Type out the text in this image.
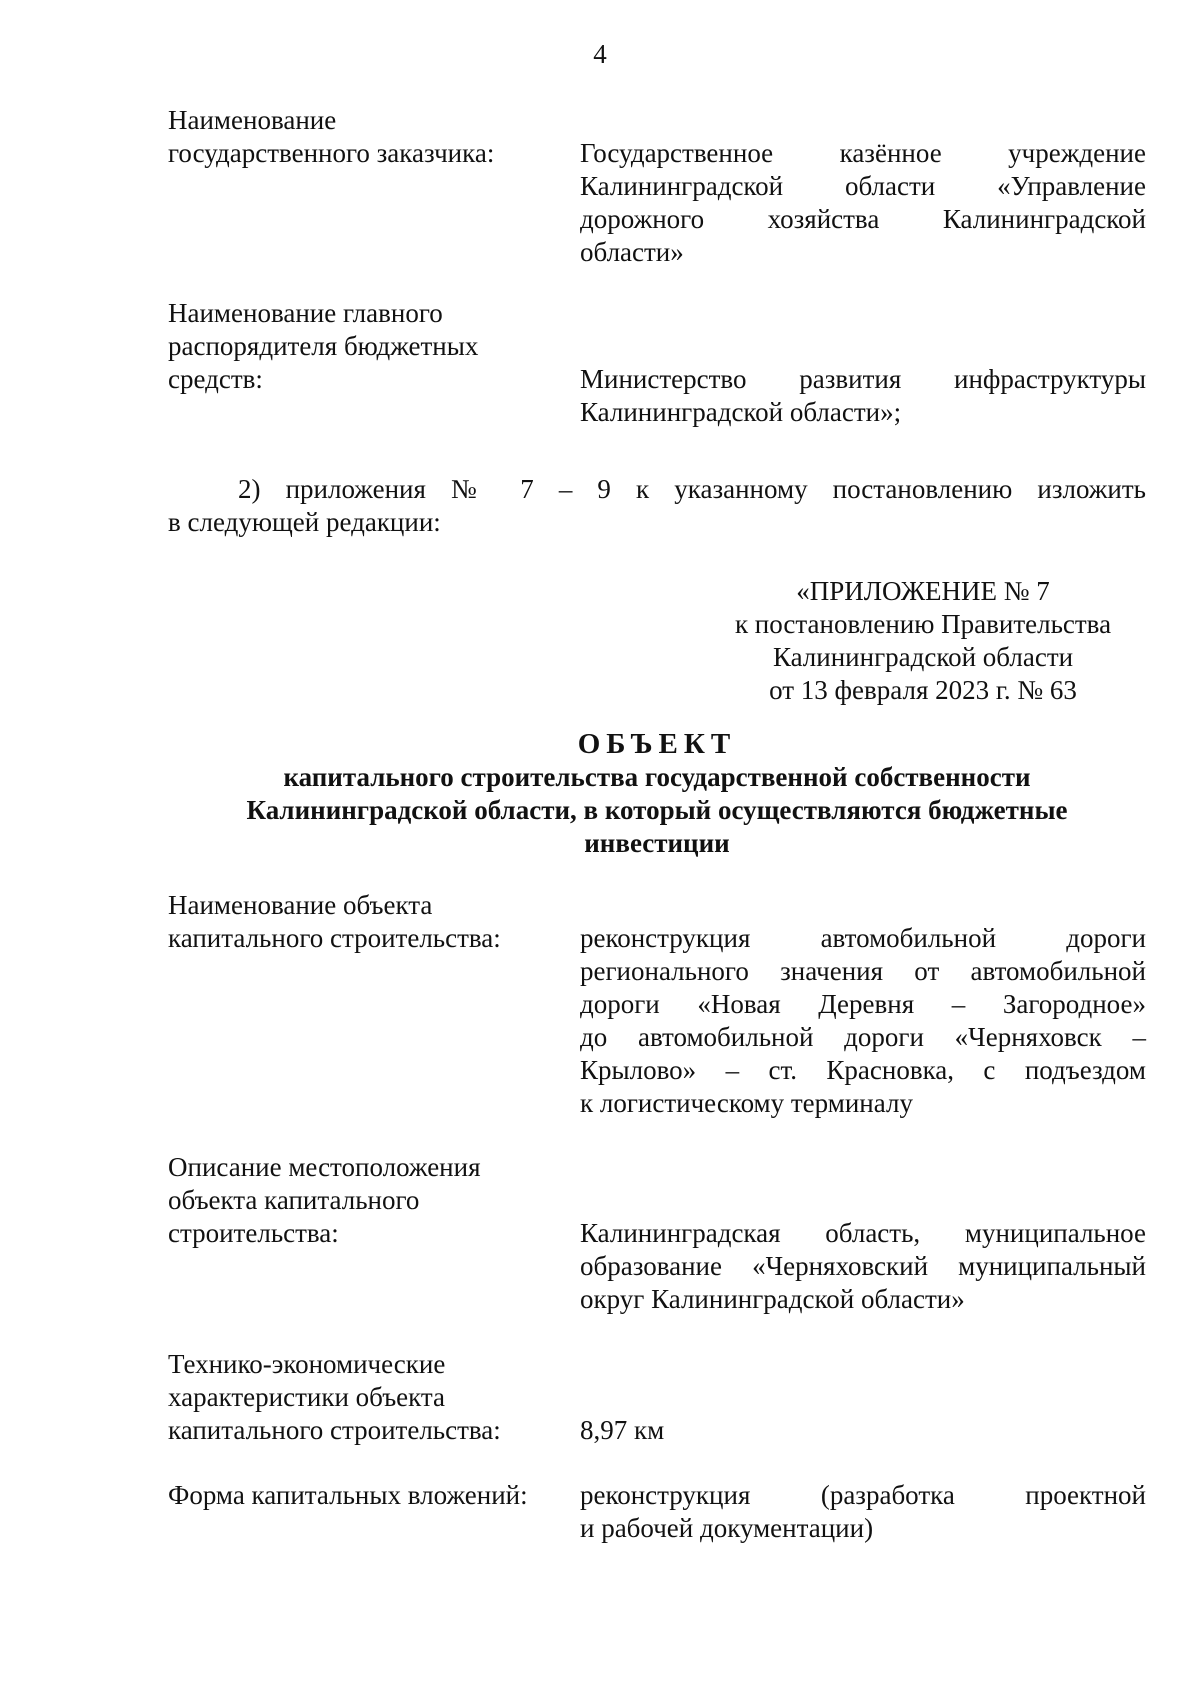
4
Наименование
государственного заказчика:	Государственное казённое учреждение
Калининградской области «Управление
дорожного хозяйства Калининградской
области»
Наименование главного
распорядителя бюджетных
средств:	Министерство развития инфраструктуры
Калининградской области»;
2) приложения № 7 – 9 к указанному постановлению изложить
в следующей редакции:
«ПРИЛОЖЕНИЕ № 7
к постановлению Правительства
Калининградской области
от 13 февраля 2023 г. № 63
ОБЪЕКТ
капитального строительства государственной собственности
Калининградской области, в который осуществляются бюджетные
инвестиции
Наименование объекта
капитального строительства:	реконструкция автомобильной дороги
регионального значения от автомобильной
дороги «Новая Деревня – Загородное»
до автомобильной дороги «Черняховск –
Крылово» – ст. Красновка, с подъездом
к логистическому терминалу
Описание местоположения
объекта капитального
строительства:	Калининградская область, муниципальное
образование «Черняховский муниципальный
округ Калининградской области»
Технико-экономические
характеристики объекта
капитального строительства:	8,97 км
Форма капитальных вложений:	реконструкция (разработка проектной
и рабочей документации)
